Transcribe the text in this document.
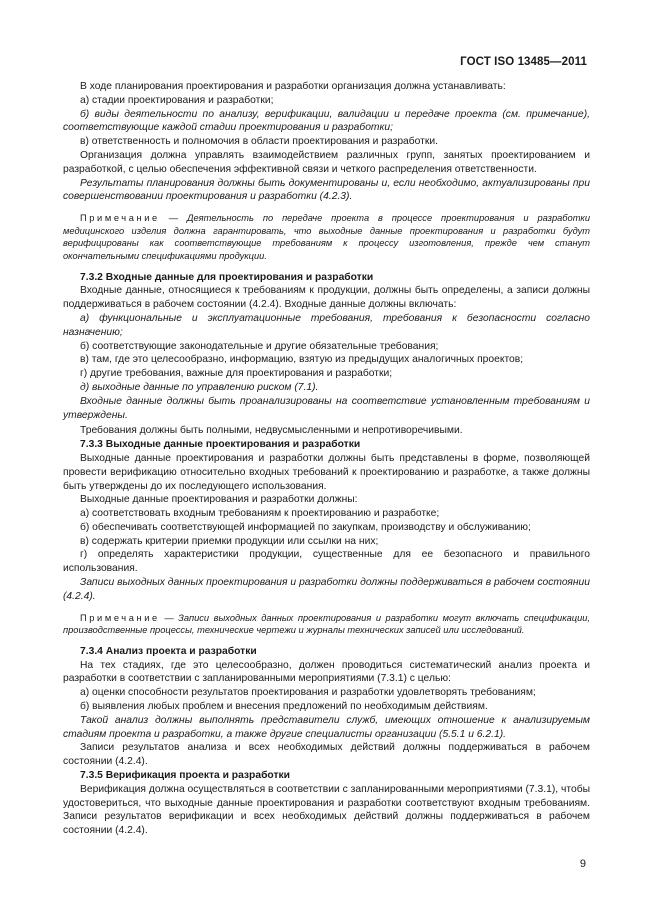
ГОСТ ISO 13485—2011

В ходе планирования проектирования и разработки организация должна устанавливать:

а) стадии проектирования и разработки;

б) виды деятельности по анализу, верификации, валидации и передаче проекта (см. примечание), соответствующие каждой стадии проектирования и разработки;

в) ответственность и полномочия в области проектирования и разработки.

Организация должна управлять взаимодействием различных групп, занятых проектированием и разработкой, с целью обеспечения эффективной связи и четкого распределения ответственности.

Результаты планирования должны быть документированы и, если необходимо, актуализированы при совершенствовании проектирования и разработки (4.2.3).

Примечание — Деятельность по передаче проекта в процессе проектирования и разработки медицинского изделия должна гарантировать, что выходные данные проектирования и разработки будут верифицированы как соответствующие требованиям к процессу изготовления, прежде чем станут окончательными спецификациями продукции.

7.3.2 Входные данные для проектирования и разработки

Входные данные, относящиеся к требованиям к продукции, должны быть определены, а записи должны поддерживаться в рабочем состоянии (4.2.4). Входные данные должны включать:

а) функциональные и эксплуатационные требования, требования к безопасности согласно назначению;

б) соответствующие законодательные и другие обязательные требования;

в) там, где это целесообразно, информацию, взятую из предыдущих аналогичных проектов;

г) другие требования, важные для проектирования и разработки;

д) выходные данные по управлению риском (7.1).

Входные данные должны быть проанализированы на соответствие установленным требованиям и утверждены.

Требования должны быть полными, недвусмысленными и непротиворечивыми.

7.3.3 Выходные данные проектирования и разработки

Выходные данные проектирования и разработки должны быть представлены в форме, позволяющей провести верификацию относительно входных требований к проектированию и разработке, а также должны быть утверждены до их последующего использования.

Выходные данные проектирования и разработки должны:

а) соответствовать входным требованиям к проектированию и разработке;

б) обеспечивать соответствующей информацией по закупкам, производству и обслуживанию;

в) содержать критерии приемки продукции или ссылки на них;

г) определять характеристики продукции, существенные для ее безопасного и правильного использования.

Записи выходных данных проектирования и разработки должны поддерживаться в рабочем состоянии (4.2.4).

Примечание — Записи выходных данных проектирования и разработки могут включать спецификации, производственные процессы, технические чертежи и журналы технических записей или исследований.

7.3.4 Анализ проекта и разработки

На тех стадиях, где это целесообразно, должен проводиться систематический анализ проекта и разработки в соответствии с запланированными мероприятиями (7.3.1) с целью:

а) оценки способности результатов проектирования и разработки удовлетворять требованиям;

б) выявления любых проблем и внесения предложений по необходимым действиям.

Такой анализ должны выполнять представители служб, имеющих отношение к анализируемым стадиям проекта и разработки, а также другие специалисты организации (5.5.1 и 6.2.1).

Записи результатов анализа и всех необходимых действий должны поддерживаться в рабочем состоянии (4.2.4).

7.3.5 Верификация проекта и разработки

Верификация должна осуществляться в соответствии с запланированными мероприятиями (7.3.1), чтобы удостовериться, что выходные данные проектирования и разработки соответствуют входным требованиям. Записи результатов верификации и всех необходимых действий должны поддерживаться в рабочем состоянии (4.2.4).

9
